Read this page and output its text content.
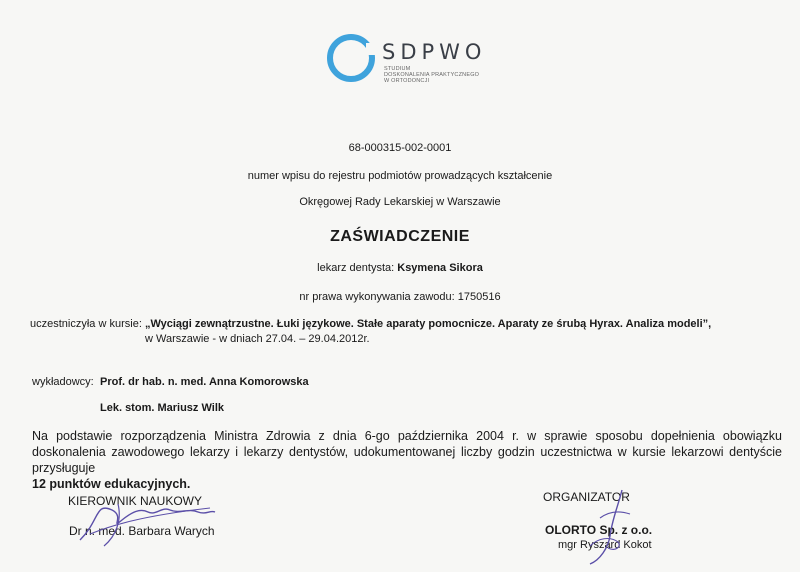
SDPWO
STUDIUM
DOSKONALENIA PRAKTYCZNEGO
W ORTODONCJI
68-000315-002-0001
numer wpisu do rejestru podmiotów prowadzących kształcenie
Okręgowej Rady Lekarskiej w Warszawie
ZAŚWIADCZENIE
lekarz dentysta: Ksymena Sikora
nr prawa wykonywania zawodu: 1750516
uczestniczyła w kursie: „Wyciągi zewnątrzustne. Łuki językowe. Stałe aparaty pomocnicze. Aparaty ze śrubą Hyrax. Analiza modeli”,
w Warszawie - w dniach 27.04. – 29.04.2012r.
wykładowcy: Prof. dr hab. n. med. Anna Komorowska
Lek. stom. Mariusz Wilk
Na podstawie rozporządzenia Ministra Zdrowia z dnia 6-go października 2004 r. w sprawie sposobu dopełnienia obowiązku doskonalenia zawodowego lekarzy i lekarzy dentystów, udokumentowanej liczby godzin uczestnictwa w kursie lekarzowi dentyście przysługuje
12 punktów edukacyjnych.
KIEROWNIK NAUKOWY
Dr n. med. Barbara Warych
ORGANIZATOR
OLORTO Sp. z o.o.
mgr Ryszard Kokot
